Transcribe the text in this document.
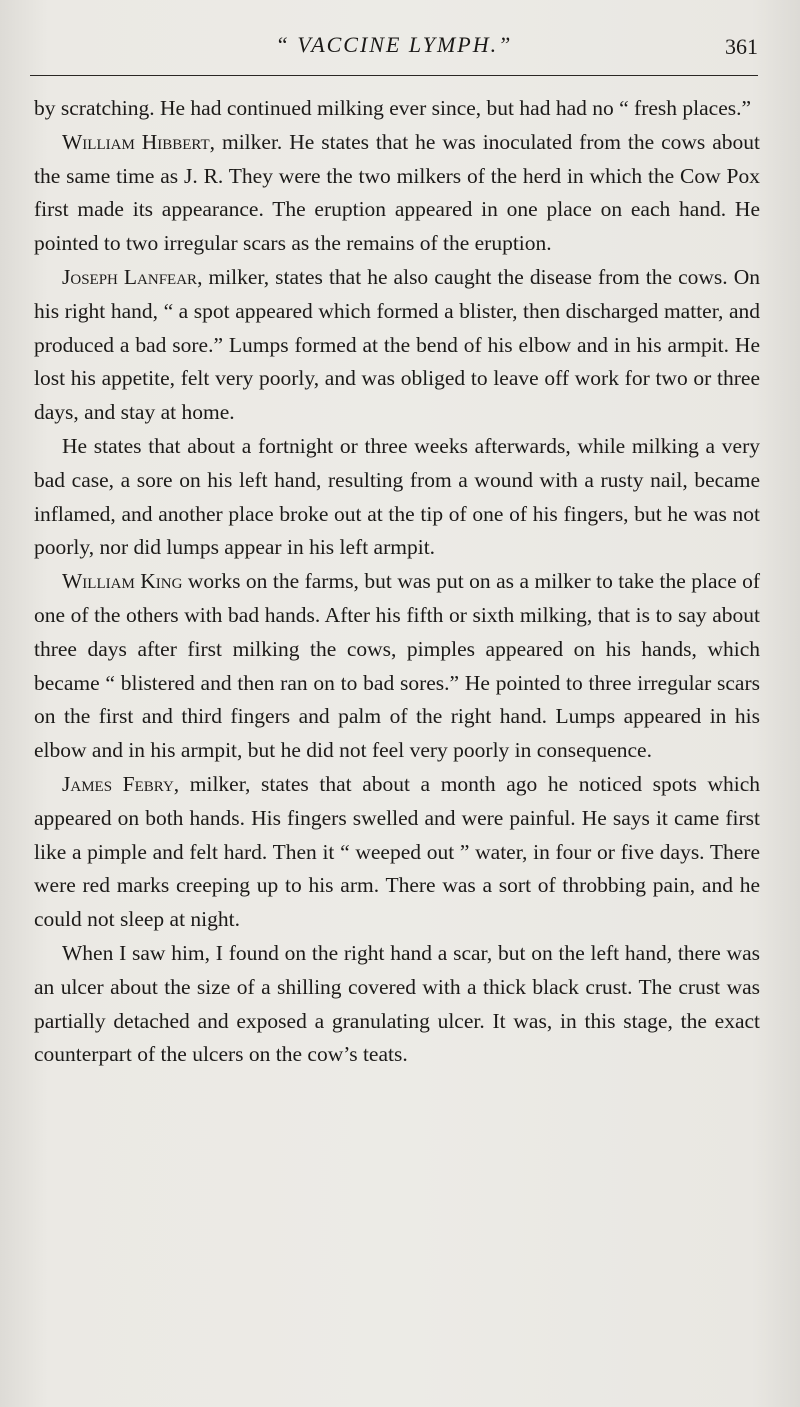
“ VACCINE LYMPH.”	361

by scratching. He had continued milking ever since, but had had no “ fresh places.”

William Hibbert, milker. He states that he was inoculated from the cows about the same time as J. R. They were the two milkers of the herd in which the Cow Pox first made its appearance. The eruption appeared in one place on each hand. He pointed to two irregular scars as the remains of the eruption.

Joseph Lanfear, milker, states that he also caught the disease from the cows. On his right hand, “ a spot appeared which formed a blister, then discharged matter, and produced a bad sore.” Lumps formed at the bend of his elbow and in his armpit. He lost his appetite, felt very poorly, and was obliged to leave off work for two or three days, and stay at home.

He states that about a fortnight or three weeks afterwards, while milking a very bad case, a sore on his left hand, resulting from a wound with a rusty nail, became inflamed, and another place broke out at the tip of one of his fingers, but he was not poorly, nor did lumps appear in his left armpit.

William King works on the farms, but was put on as a milker to take the place of one of the others with bad hands. After his fifth or sixth milking, that is to say about three days after first milking the cows, pimples appeared on his hands, which became “ blistered and then ran on to bad sores.” He pointed to three irregular scars on the first and third fingers and palm of the right hand. Lumps appeared in his elbow and in his armpit, but he did not feel very poorly in consequence.

James Febry, milker, states that about a month ago he noticed spots which appeared on both hands. His fingers swelled and were painful. He says it came first like a pimple and felt hard. Then it “ weeped out ” water, in four or five days. There were red marks creeping up to his arm. There was a sort of throbbing pain, and he could not sleep at night.

When I saw him, I found on the right hand a scar, but on the left hand, there was an ulcer about the size of a shilling covered with a thick black crust. The crust was partially detached and exposed a granulating ulcer. It was, in this stage, the exact counterpart of the ulcers on the cow’s teats.
